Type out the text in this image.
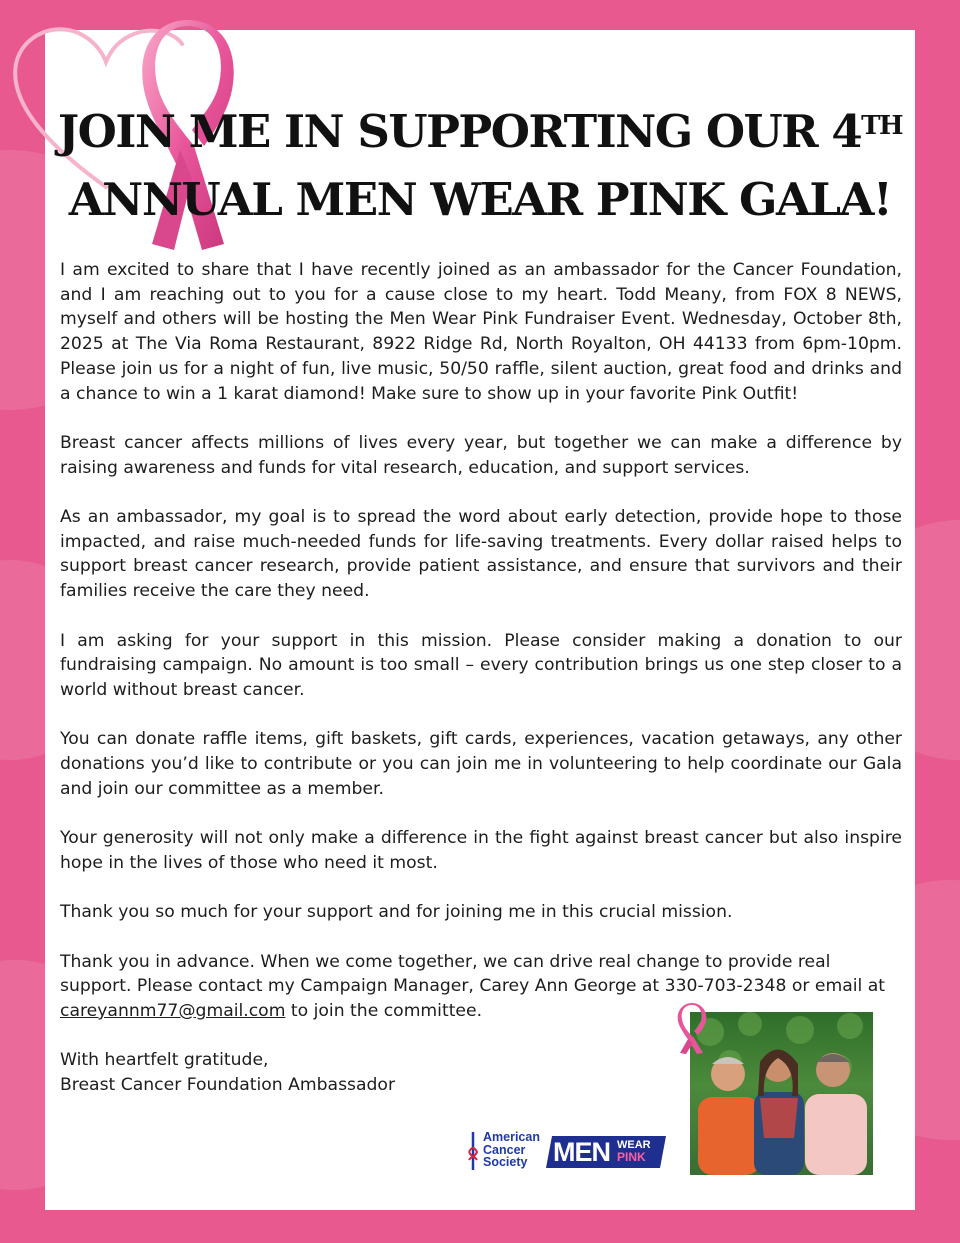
JOIN ME IN SUPPORTING OUR 4TH
ANNUAL MEN WEAR PINK GALA!

I am excited to share that I have recently joined as an ambassador for the Cancer Foundation, and I am reaching out to you for a cause close to my heart. Todd Meany, from FOX 8 NEWS, myself and others will be hosting the Men Wear Pink Fundraiser Event. Wednesday, October 8th, 2025 at The Via Roma Restaurant, 8922 Ridge Rd, North Royalton, OH 44133 from 6pm-10pm. Please join us for a night of fun, live music, 50/50 raffle, silent auction, great food and drinks and a chance to win a 1 karat diamond! Make sure to show up in your favorite Pink Outfit!

Breast cancer affects millions of lives every year, but together we can make a difference by raising awareness and funds for vital research, education, and support services.

As an ambassador, my goal is to spread the word about early detection, provide hope to those impacted, and raise much-needed funds for life-saving treatments. Every dollar raised helps to support breast cancer research, provide patient assistance, and ensure that survivors and their families receive the care they need.

I am asking for your support in this mission. Please consider making a donation to our fundraising campaign. No amount is too small – every contribution brings us one step closer to a world without breast cancer.

You can donate raffle items, gift baskets, gift cards, experiences, vacation getaways, any other donations you’d like to contribute or you can join me in volunteering to help coordinate our Gala and join our committee as a member.

Your generosity will not only make a difference in the fight against breast cancer but also inspire hope in the lives of those who need it most.

Thank you so much for your support and for joining me in this crucial mission.

Thank you in advance. When we come together, we can drive real change to provide real support. Please contact my Campaign Manager, Carey Ann George at 330-703-2348 or email at careyannm77@gmail.com to join the committee.

With heartfelt gratitude,
Breast Cancer Foundation Ambassador
American
Cancer
Society MEN WEAR
PINK
